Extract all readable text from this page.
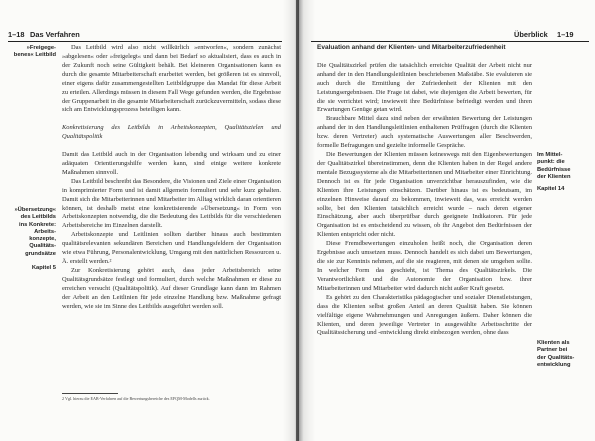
1–18 Das Verfahren
»Freigege-
benes« Leitbild
»Übersetzung«
des Leitbilds
ins Konkrete:
Arbeits-
konzepte,
Qualitäts-
grundsätze
Kapitel 5

Das Leitbild wird also nicht willkürlich »entworfen«, sondern zunächst »abgelesen« oder »freigelegt« und dann bei Bedarf so aktualisiert, dass es auch in der Zukunft noch seine Gültigkeit behält. Bei kleineren Organisationen kann es durch die gesamte Mitarbeiterschaft erarbeitet werden, bei größeren ist es sinnvoll, einer eigens dafür zusammengestellten Leitbildgruppe das Mandat für diese Arbeit zu erteilen. Allerdings müssen in diesem Fall Wege gefunden werden, die Ergebnisse der Gruppenarbeit in die gesamte Mitarbeiterschaft zurückzuvermitteln, sodass diese sich am Entwicklungsprozess beteiligen kann.

Konkretisierung des Leitbilds in Arbeitskonzepten, Qualitätszielen und Qualitätspolitik

Damit das Leitbild auch in der Organisation lebendig und wirksam und zu einer adäquaten Orientierungshilfe werden kann, sind einige weitere konkrete Maßnahmen sinnvoll.

Das Leitbild beschreibt das Besondere, die Visionen und Ziele einer Organisation in komprimierter Form und ist damit allgemein formuliert und sehr kurz gehalten. Damit sich die Mitarbeiterinnen und Mitarbeiter im Alltag wirklich daran orientieren können, ist deshalb meist eine konkretisierende »Übersetzung« in Form von Arbeitskonzepten notwendig, die die Bedeutung des Leitbilds für die verschiedenen Arbeitsbereiche im Einzelnen darstellt.

Arbeitskonzepte und Leitlinien sollten darüber hinaus auch bestimmten qualitätsrelevanten sekundären Bereichen und Handlungsfeldern der Organisation wie etwa Führung, Personalentwicklung, Umgang mit den natürlichen Ressourcen u. Ä. erstellt werden.²

Zur Konkretisierung gehört auch, dass jeder Arbeitsbereich seine Qualitätsgrundsätze festlegt und formuliert, durch welche Maßnahmen er diese zu erreichen versucht (Qualitätspolitik). Auf dieser Grundlage kann dann im Rahmen der Arbeit an den Leitlinien für jede einzelne Handlung bzw. Maßnahme gefragt werden, wie sie im Sinne des Leitbilds ausgeführt werden soll.

2 Vgl. hierzu die EAB-Verfahren auf die Bewertungsbereiche des EFQM-Modells zurück.
Überblick 1–19

Evaluation anhand der Klienten- und Mitarbeiterzufriedenheit

Die Qualitätszirkel prüfen die tatsächlich erreichte Qualität der Arbeit nicht nur anhand der in den Handlungsleitlinien beschriebenen Maßstäbe. Sie evaluieren sie auch durch die Ermittlung der Zufriedenheit der Klienten mit den Leistungsergebnissen. Die Frage ist dabei, wie diejenigen die Arbeit bewerten, für die sie verrichtet wird; inwieweit ihre Bedürfnisse befriedigt werden und ihren Erwartungen Genüge getan wird.

Brauchbare Mittel dazu sind neben der erwähnten Bewertung der Leistungen anhand der in den Handlungsleitlinien enthaltenen Prüffragen (durch die Klienten bzw. deren Vertreter) auch systematische Auswertungen aller Beschwerden, formelle Befragungen und gezielte informelle Gespräche.

Die Bewertungen der Klienten müssen keineswegs mit den Eigenbewertungen der Qualitätszirkel übereinstimmen, denn die Klienten haben in der Regel andere mentale Bezugssysteme als die Mitarbeiterinnen und Mitarbeiter einer Einrichtung. Dennoch ist es für jede Organisation unverzichtbar herauszufinden, wie die Klienten ihre Leistungen einschätzen. Darüber hinaus ist es bedeutsam, im einzelnen Hinweise darauf zu bekommen, inwieweit das, was erreicht werden sollte, bei den Klienten tatsächlich erreicht wurde – nach deren eigener Einschätzung, aber auch überprüfbar durch geeignete Indikatoren. Für jede Organisation ist es entscheidend zu wissen, ob ihr Angebot den Bedürfnissen der Klienten entspricht oder nicht.

Diese Fremdbewertungen einzuholen heißt noch, die Organisation deren Ergebnisse auch umsetzen muss. Dennoch handelt es sich dabei um Bewertungen, die sie zur Kenntnis nehmen, auf die sie reagieren, mit denen sie umgehen sollte. In welcher Form das geschieht, ist Thema des Qualitätszirkels. Die Verantwortlichkeit und die Autonomie der Organisation bzw. ihrer Mitarbeiterinnen und Mitarbeiter wird dadurch nicht außer Kraft gesetzt.

Es gehört zu den Charakteristika pädagogischer und sozialer Dienstleistungen, dass die Klienten selbst großen Anteil an deren Qualität haben. Sie können vielfältige eigene Wahrnehmungen und Anregungen äußern. Daher können die Klienten, und deren jeweilige Vertreter in ausgewählte Arbeitsschritte der Qualitätssicherung und -entwicklung direkt einbezogen werden, ohne dass

Im Mittel-
punkt: die
Bedürfnisse
der Klienten
Kapitel 14
Klienten als
Partner bei
der Qualitäts-
entwicklung
